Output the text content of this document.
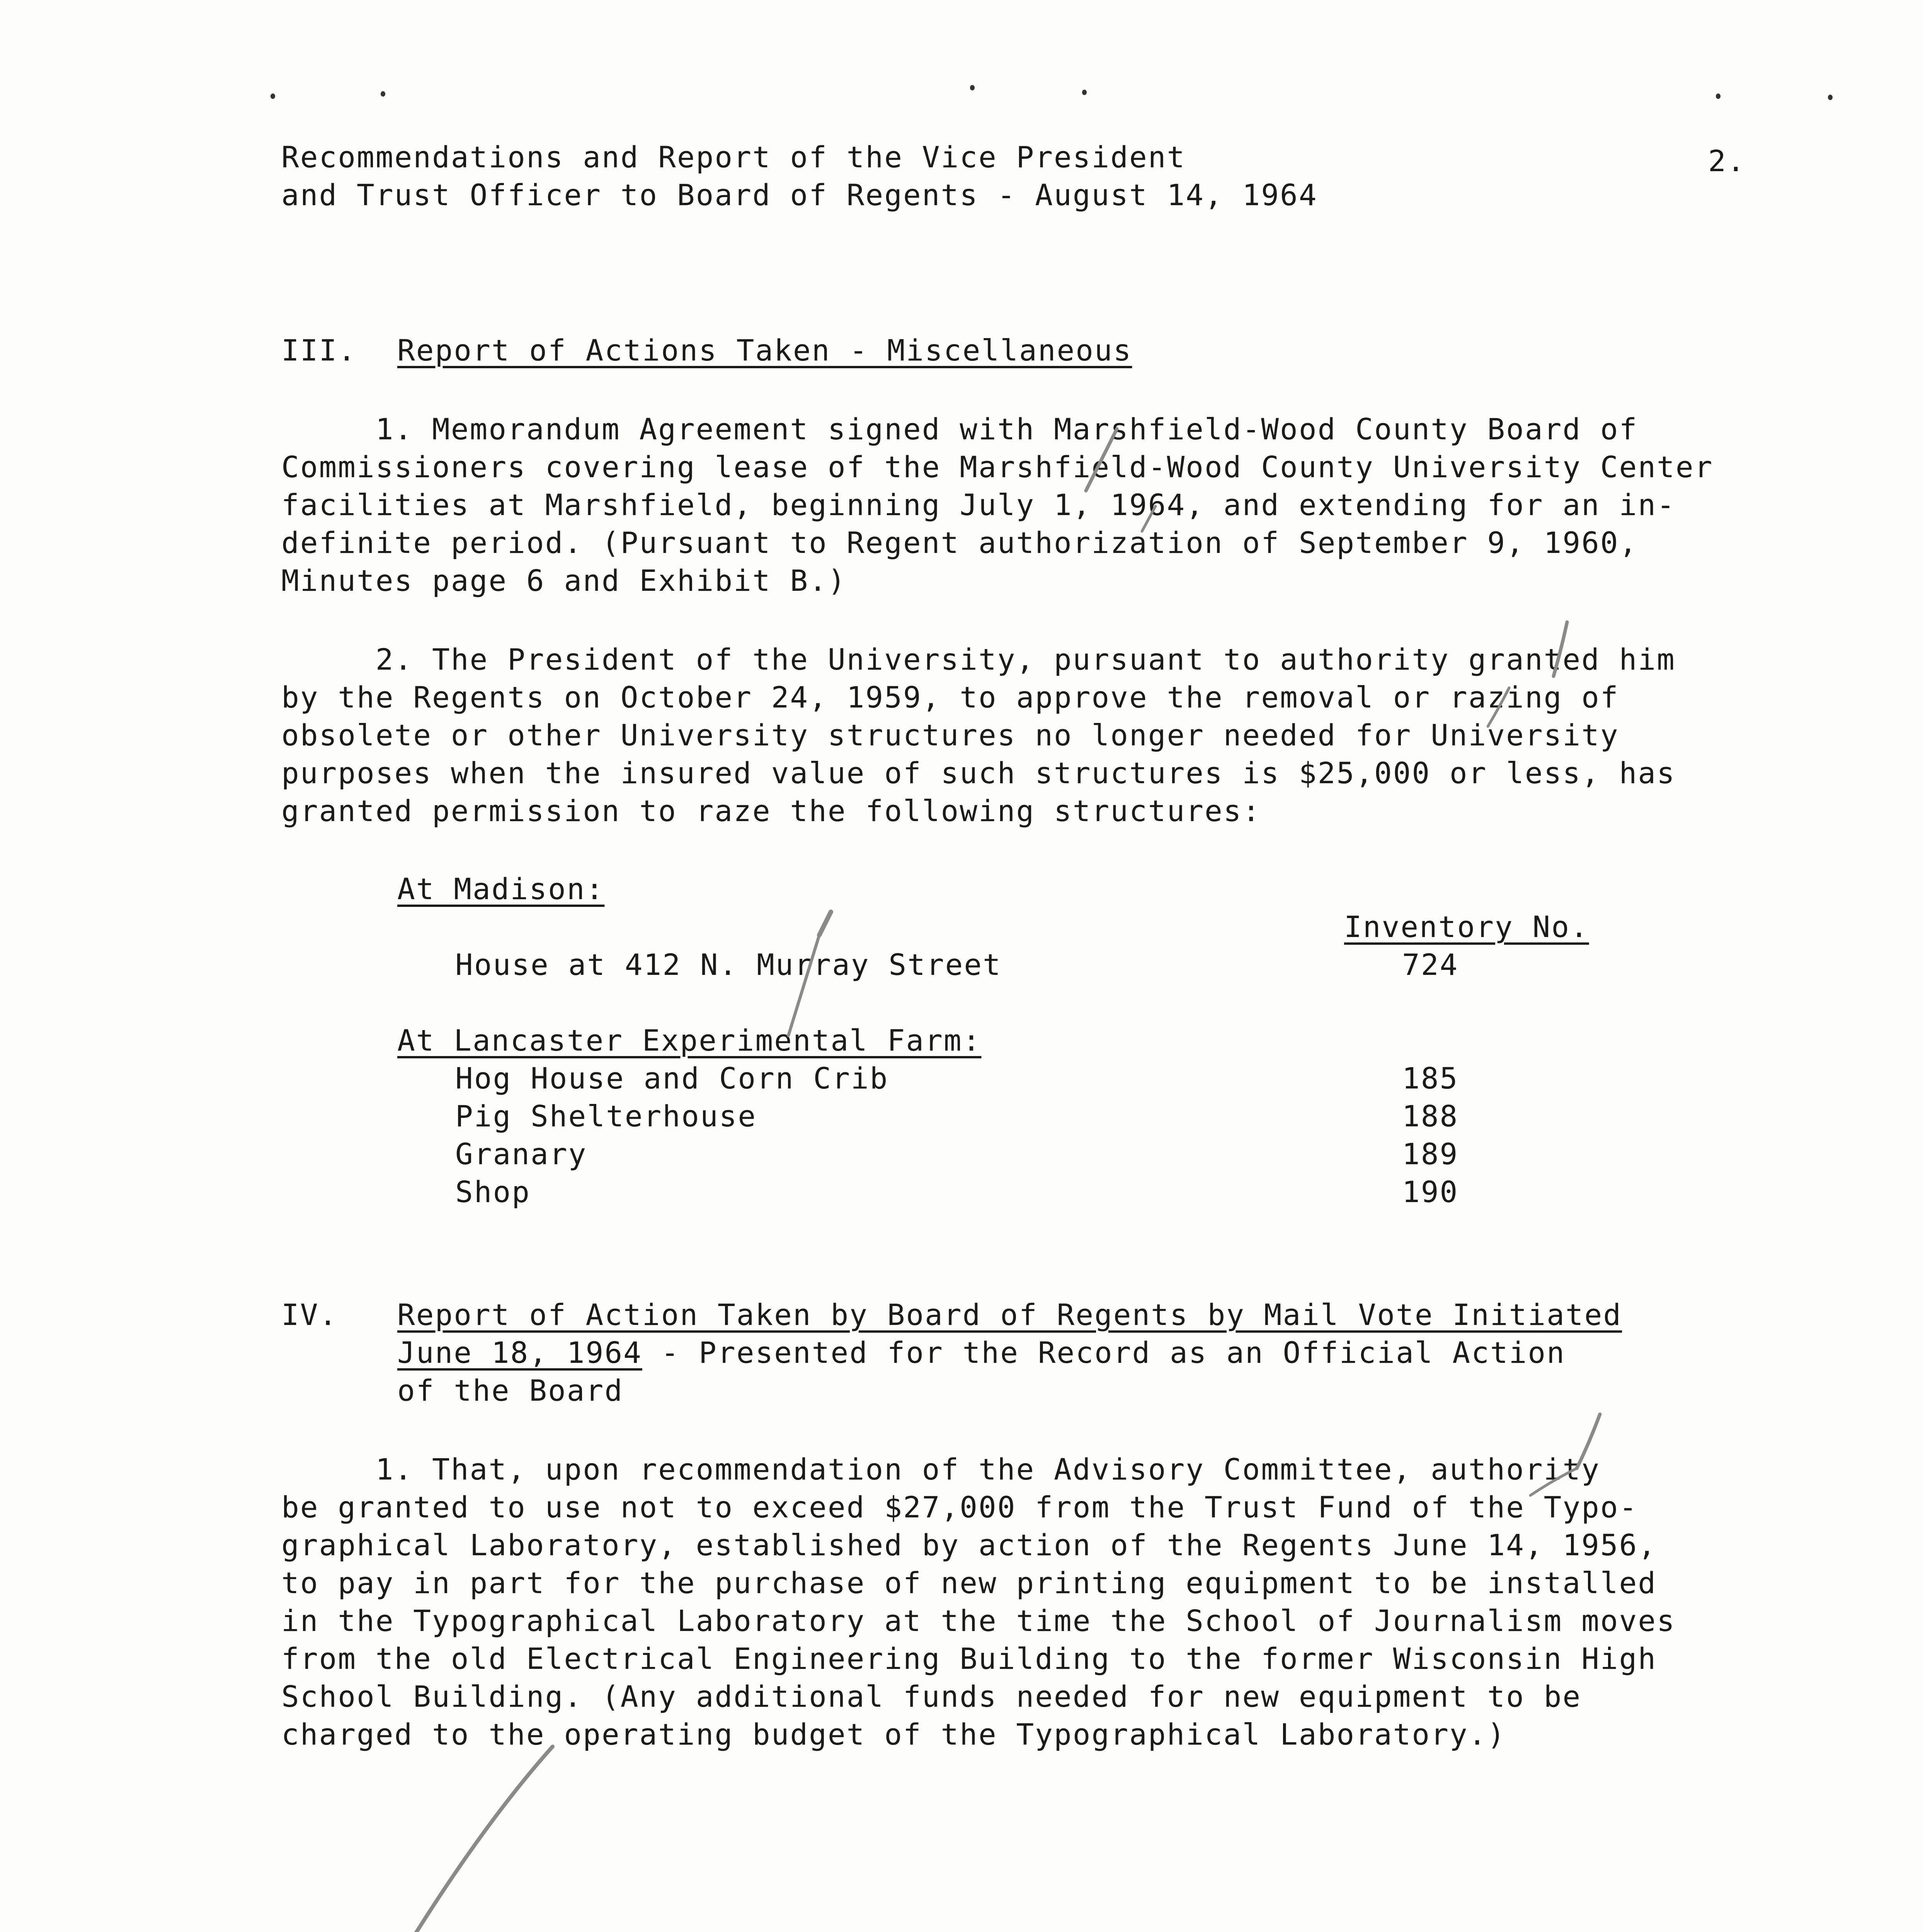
Recommendations and Report of the Vice President
and Trust Officer to Board of Regents - August 14, 1964
2.
III. Report of Actions Taken - Miscellaneous
1. Memorandum Agreement signed with Marshfield-Wood County Board of
Commissioners covering lease of the Marshfield-Wood County University Center
facilities at Marshfield, beginning July 1, 1964, and extending for an in-
definite period. (Pursuant to Regent authorization of September 9, 1960,
Minutes page 6 and Exhibit B.)
2. The President of the University, pursuant to authority granted him
by the Regents on October 24, 1959, to approve the removal or razing of
obsolete or other University structures no longer needed for University
purposes when the insured value of such structures is $25,000 or less, has
granted permission to raze the following structures:
At Madison:
Inventory No.
House at 412 N. Murray Street	724
At Lancaster Experimental Farm:
Hog House and Corn Crib	185
Pig Shelterhouse	188
Granary	189
Shop	190
IV. Report of Action Taken by Board of Regents by Mail Vote Initiated
June 18, 1964 - Presented for the Record as an Official Action
of the Board
1. That, upon recommendation of the Advisory Committee, authority
be granted to use not to exceed $27,000 from the Trust Fund of the Typo-
graphical Laboratory, established by action of the Regents June 14, 1956,
to pay in part for the purchase of new printing equipment to be installed
in the Typographical Laboratory at the time the School of Journalism moves
from the old Electrical Engineering Building to the former Wisconsin High
School Building. (Any additional funds needed for new equipment to be
charged to the operating budget of the Typographical Laboratory.)
